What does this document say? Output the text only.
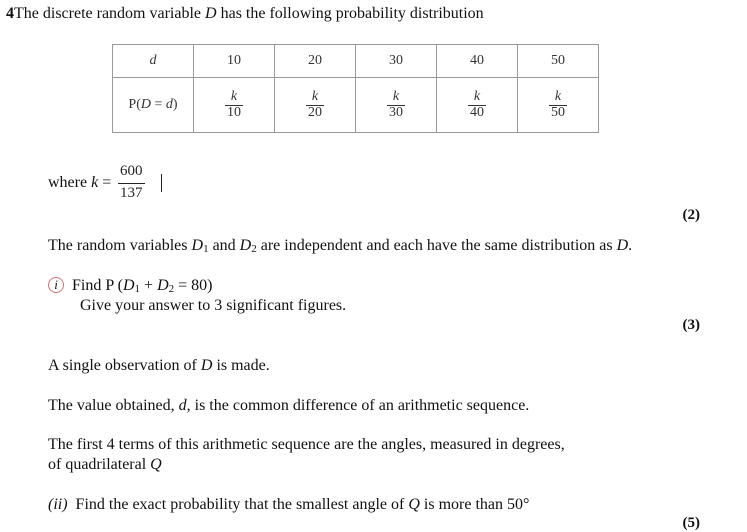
4The discrete random variable D has the following probability distribution
d	10	20	30	40	50
P(D = d)	$\frac{k}{10}$	$\frac{k}{20}$	$\frac{k}{30}$	$\frac{k}{40}$	$\frac{k}{50}$
where $k = \frac{600}{137}$
(2)
The random variables $D_1$ and $D_2$ are independent and each have the same distribution as D.
i Find P $(D_1 + D_2 = 80)$
Give your answer to 3 significant figures.
(3)
A single observation of D is made.
The value obtained, d, is the common difference of an arithmetic sequence.
The first 4 terms of this arithmetic sequence are the angles, measured in degrees,
of quadrilateral Q
(ii)  Find the exact probability that the smallest angle of Q is more than 50°
(5)
